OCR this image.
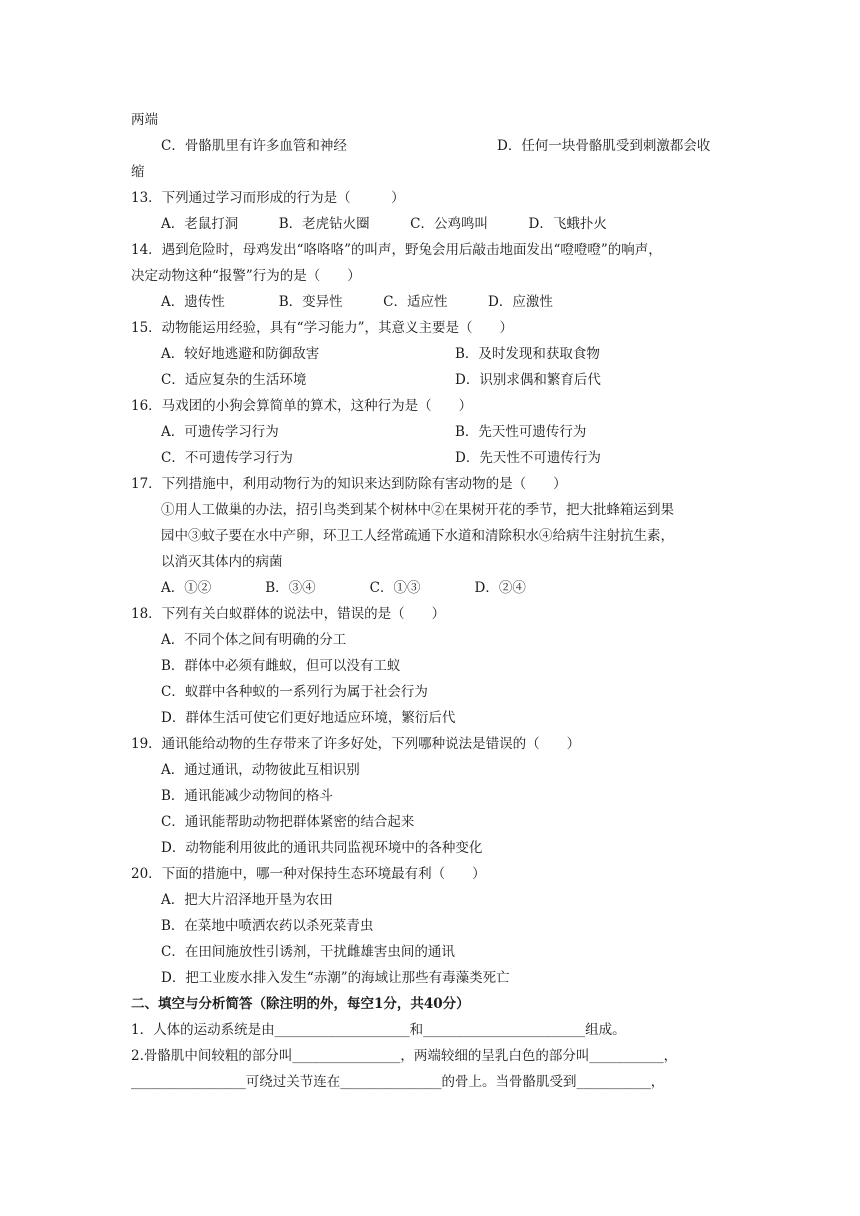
两端
C．骨骼肌里有许多血管和神经	D．任何一块骨骼肌受到刺激都会收
缩
13．下列通过学习而形成的行为是（　　　）
A．老鼠打洞　　　B．老虎钻火圈　　　C．公鸡鸣叫　　　D．飞蛾扑火
14．遇到危险时，母鸡发出“咯咯咯”的叫声，野兔会用后敲击地面发出“噔噔噔”的响声，
决定动物这种“报警”行为的是（　　）
A．遗传性　　　　B．变异性　　　C．适应性　　　D．应激性
15．动物能运用经验，具有“学习能力”，其意义主要是（　　）
A．较好地逃避和防御敌害	B．及时发现和获取食物
C．适应复杂的生活环境	D．识别求偶和繁育后代
16．马戏团的小狗会算简单的算术，这种行为是（　　）
A．可遗传学习行为	B．先天性可遗传行为
C．不可遗传学习行为	D．先天性不可遗传行为
17．下列措施中，利用动物行为的知识来达到防除有害动物的是（　　）
①用人工做巢的办法，招引鸟类到某个树林中②在果树开花的季节，把大批蜂箱运到果
园中③蚊子要在水中产卵，环卫工人经常疏通下水道和清除积水④给病牛注射抗生素，
以消灭其体内的病菌
A．①②　　　　B．③④　　　　C．①③　　　　D．②④
18．下列有关白蚁群体的说法中，错误的是（　　）
A．不同个体之间有明确的分工
B．群体中必须有雌蚁，但可以没有工蚁
C．蚁群中各种蚁的一系列行为属于社会行为
D．群体生活可使它们更好地适应环境，繁衍后代
19．通讯能给动物的生存带来了许多好处，下列哪种说法是错误的（　　）
A．通过通讯，动物彼此互相识别
B．通讯能减少动物间的格斗
C．通讯能帮助动物把群体紧密的结合起来
D．动物能利用彼此的通讯共同监视环境中的各种变化
20．下面的措施中，哪一种对保持生态环境最有利（　　）
A．把大片沼泽地开垦为农田
B．在菜地中喷洒农药以杀死菜青虫
C．在田间施放性引诱剂，干扰雌雄害虫间的通讯
D．把工业废水排入发生“赤潮”的海域让那些有毒藻类死亡
二、填空与分析简答（除注明的外，每空1分，共40分）
1．人体的运动系统是由____________________和________________________组成。
2.骨骼肌中间较粗的部分叫________________，两端较细的呈乳白色的部分叫___________，
_________________可绕过关节连在_______________的骨上。当骨骼肌受到___________，
